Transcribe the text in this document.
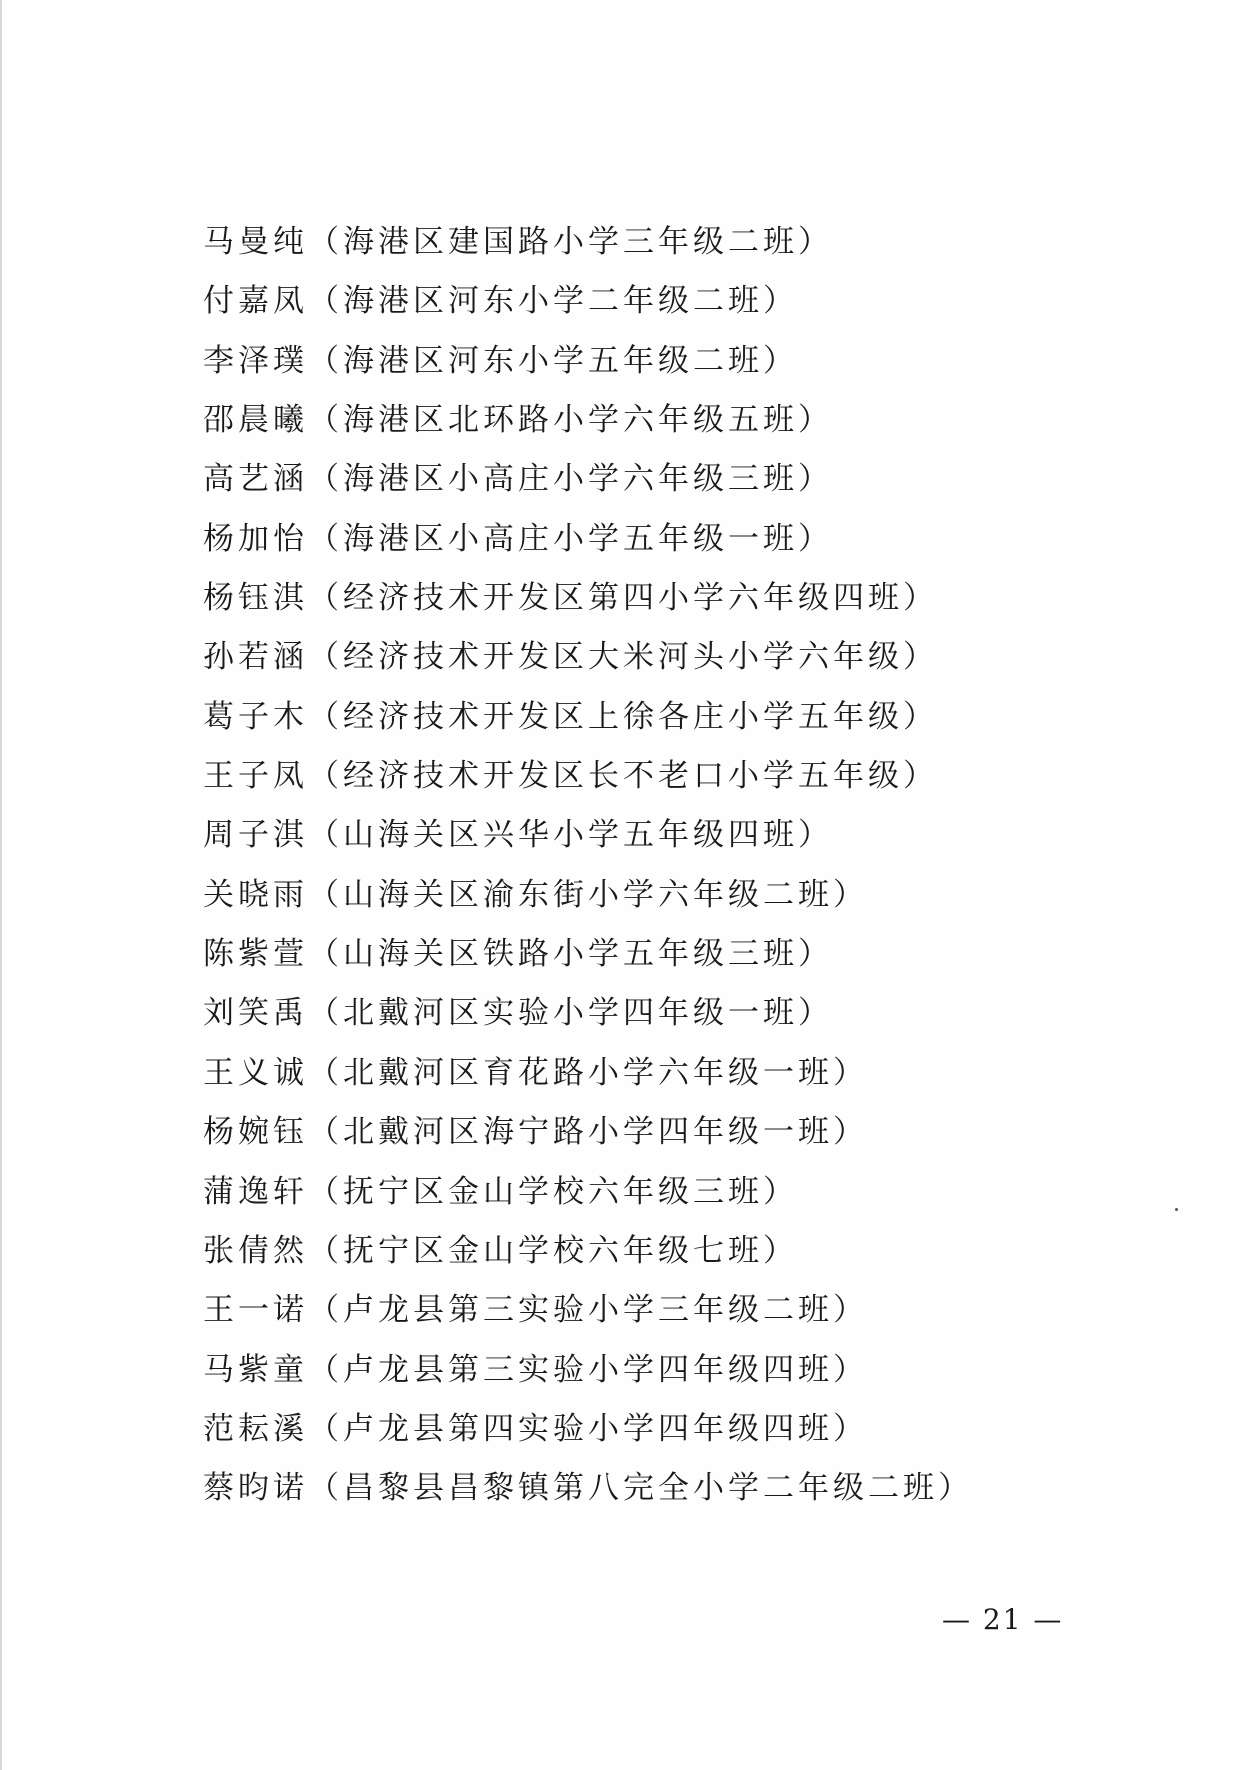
马曼纯（海港区建国路小学三年级二班）
付嘉凤（海港区河东小学二年级二班）
李泽璞（海港区河东小学五年级二班）
邵晨曦（海港区北环路小学六年级五班）
高艺涵（海港区小高庄小学六年级三班）
杨加怡（海港区小高庄小学五年级一班）
杨钰淇（经济技术开发区第四小学六年级四班）
孙若涵（经济技术开发区大米河头小学六年级）
葛子木（经济技术开发区上徐各庄小学五年级）
王子凤（经济技术开发区长不老口小学五年级）
周子淇（山海关区兴华小学五年级四班）
关晓雨（山海关区渝东街小学六年级二班）
陈紫萱（山海关区铁路小学五年级三班）
刘笑禹（北戴河区实验小学四年级一班）
王义诚（北戴河区育花路小学六年级一班）
杨婉钰（北戴河区海宁路小学四年级一班）
蒲逸轩（抚宁区金山学校六年级三班）
张倩然（抚宁区金山学校六年级七班）
王一诺（卢龙县第三实验小学三年级二班）
马紫童（卢龙县第三实验小学四年级四班）
范耘溪（卢龙县第四实验小学四年级四班）
蔡昀诺（昌黎县昌黎镇第八完全小学二年级二班）
— 21 —
